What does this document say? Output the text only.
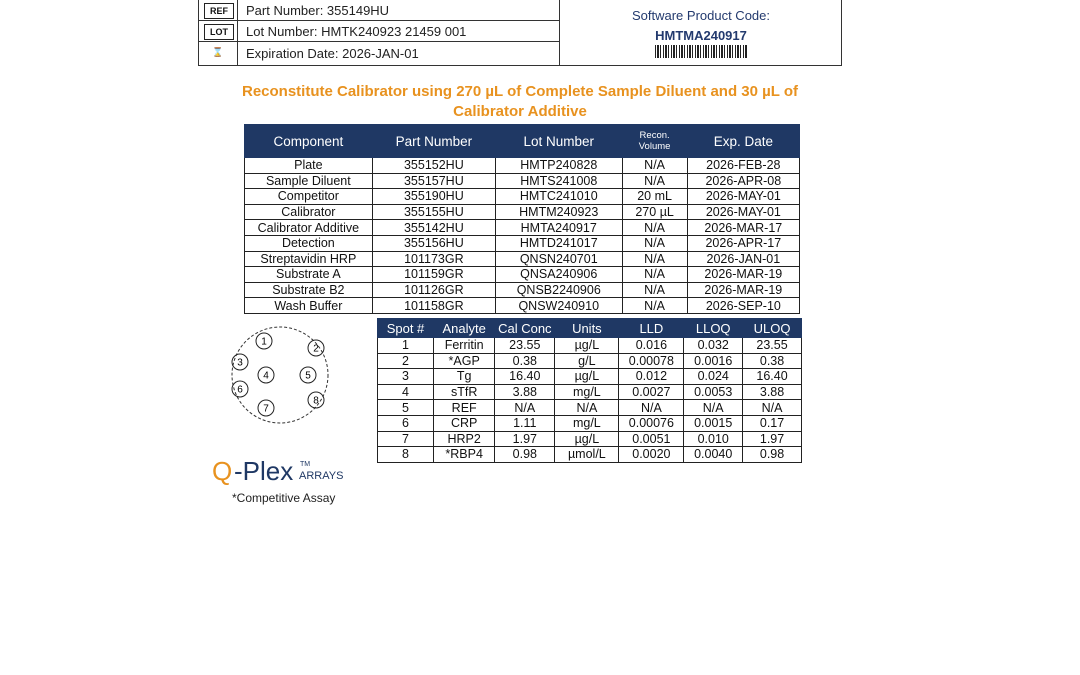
REF	Part Number: 355149HU
LOT	Lot Number: HMTK240923 21459 001
⌛	Expiration Date: 2026-JAN-01
Software Product Code:
HMTMA240917
Reconstitute Calibrator using 270 µL of Complete Sample Diluent and 30 µL of Calibrator Additive
Component	Part Number	Lot Number	Recon. Volume	Exp. Date
Plate	355152HU	HMTP240828	N/A	2026-FEB-28
Sample Diluent	355157HU	HMTS241008	N/A	2026-APR-08
Competitor	355190HU	HMTC241010	20 mL	2026-MAY-01
Calibrator	355155HU	HMTM240923	270 µL	2026-MAY-01
Calibrator Additive	355142HU	HMTA240917	N/A	2026-MAR-17
Detection	355156HU	HMTD241017	N/A	2026-APR-17
Streptavidin HRP	101173GR	QNSN240701	N/A	2026-JAN-01
Substrate A	101159GR	QNSA240906	N/A	2026-MAR-19
Substrate B2	101126GR	QNSB2240906	N/A	2026-MAR-19
Wash Buffer	101158GR	QNSW240910	N/A	2026-SEP-10
1
2
3
4	5
6
7
8
Q -Plex TM
ARRAYS
*Competitive Assay
Spot #	Analyte	Cal Conc	Units	LLD	LLOQ	ULOQ
1	Ferritin	23.55	µg/L	0.016	0.032	23.55
2	*AGP	0.38	g/L	0.00078	0.0016	0.38
3	Tg	16.40	µg/L	0.012	0.024	16.40
4	sTfR	3.88	mg/L	0.0027	0.0053	3.88
5	REF	N/A	N/A	N/A	N/A	N/A
6	CRP	1.11	mg/L	0.00076	0.0015	0.17
7	HRP2	1.97	µg/L	0.0051	0.010	1.97
8	*RBP4	0.98	µmol/L	0.0020	0.0040	0.98
